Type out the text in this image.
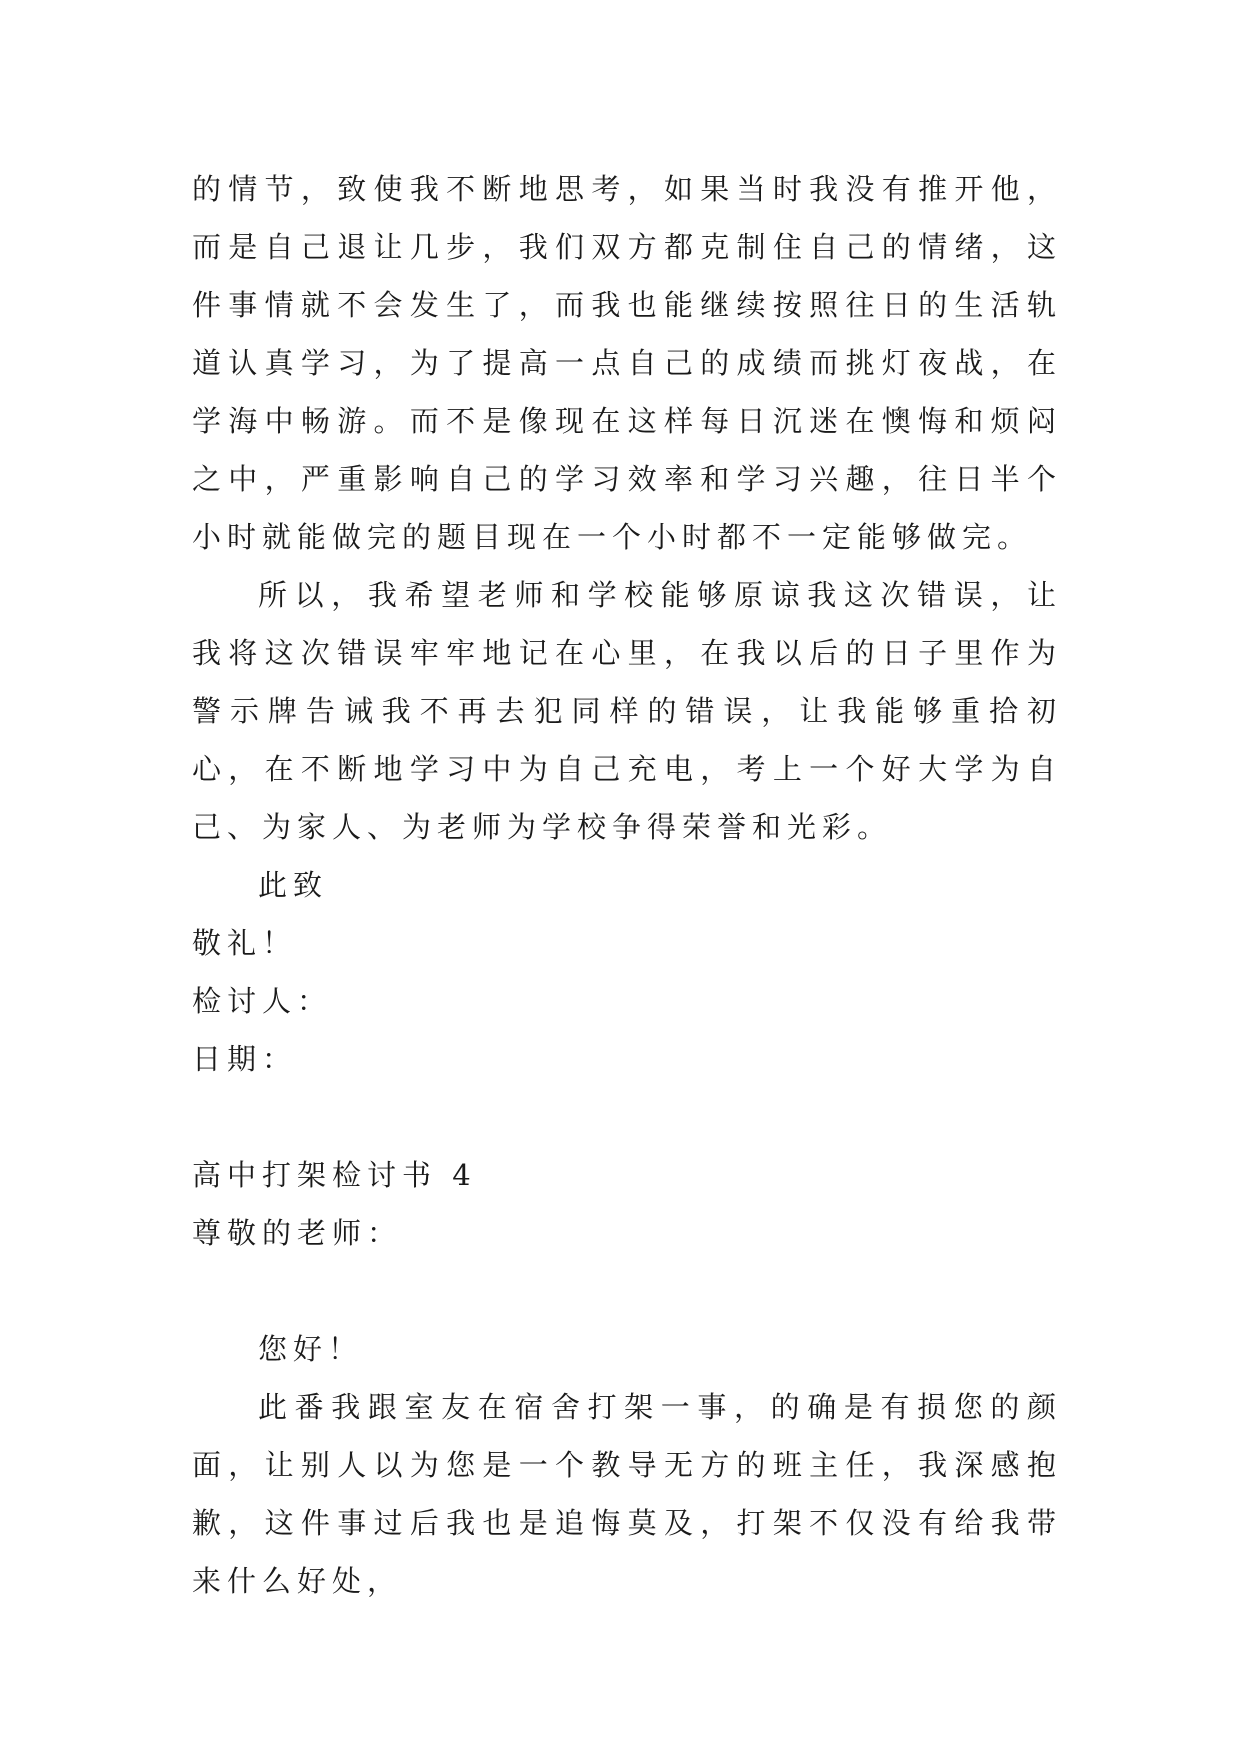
的情节，致使我不断地思考，如果当时我没有推开他，而是自己退让几步，我们双方都克制住自己的情绪，这件事情就不会发生了，而我也能继续按照往日的生活轨道认真学习，为了提高一点自己的成绩而挑灯夜战，在学海中畅游。而不是像现在这样每日沉迷在懊悔和烦闷之中，严重影响自己的学习效率和学习兴趣，往日半个小时就能做完的题目现在一个小时都不一定能够做完。

所以，我希望老师和学校能够原谅我这次错误，让我将这次错误牢牢地记在心里，在我以后的日子里作为警示牌告诫我不再去犯同样的错误，让我能够重拾初心，在不断地学习中为自己充电，考上一个好大学为自己、为家人、为老师为学校争得荣誉和光彩。

此致

敬礼！

检讨人：

日期：

高中打架检讨书 4

尊敬的老师：

您好！

此番我跟室友在宿舍打架一事，的确是有损您的颜面，让别人以为您是一个教导无方的班主任，我深感抱歉，这件事过后我也是追悔莫及，打架不仅没有给我带来什么好处，
